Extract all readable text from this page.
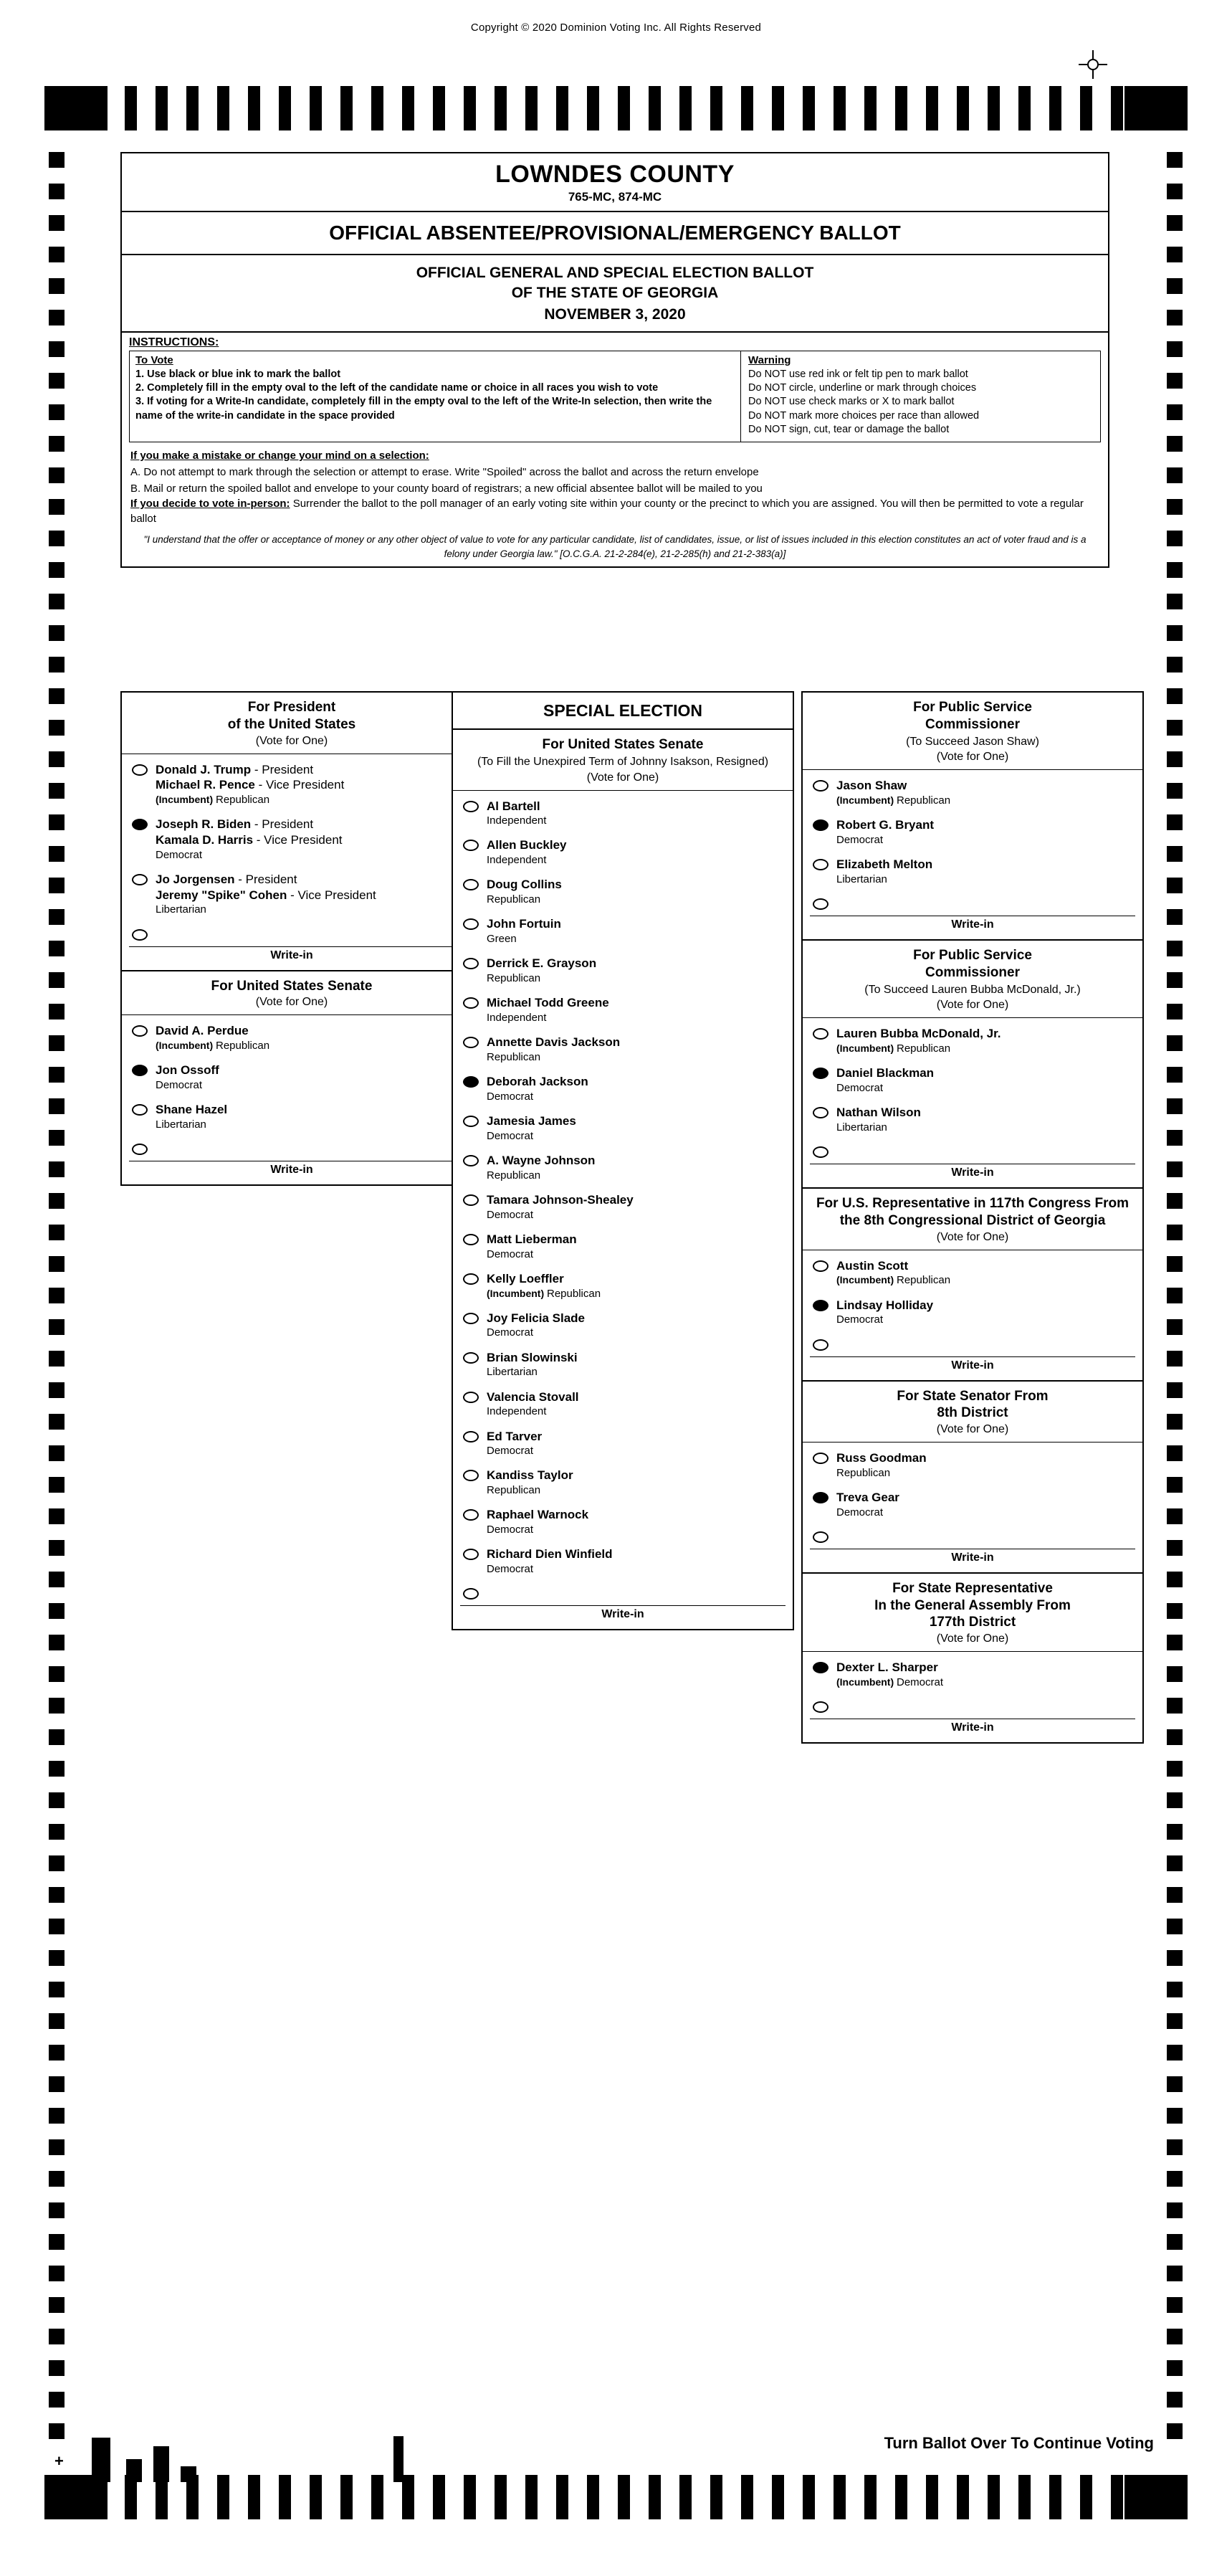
Copyright © 2020 Dominion Voting Inc. All Rights Reserved
+	s
Turn Ballot Over To Continue Voting
LOWNDES COUNTY
765-MC, 874-MC
OFFICIAL ABSENTEE/PROVISIONAL/EMERGENCY BALLOT
OFFICIAL GENERAL AND SPECIAL ELECTION BALLOT
OF THE STATE OF GEORGIA
NOVEMBER 3, 2020
INSTRUCTIONS:
To Vote
1. Use black or blue ink to mark the ballot
2. Completely fill in the empty oval to the left of the candidate name or choice in all races you wish to vote
3. If voting for a Write-In candidate, completely fill in the empty oval to the left of the Write-In selection, then write the name of the write-in candidate in the space provided
Warning
Do NOT use red ink or felt tip pen to mark ballot
Do NOT circle, underline or mark through choices
Do NOT use check marks or X to mark ballot
Do NOT mark more choices per race than allowed
Do NOT sign, cut, tear or damage the ballot
If you make a mistake or change your mind on a selection:
A. Do not attempt to mark through the selection or attempt to erase. Write "Spoiled" across the ballot and across the return envelope
B. Mail or return the spoiled ballot and envelope to your county board of registrars; a new official absentee ballot will be mailed to you
If you decide to vote in-person: Surrender the ballot to the poll manager of an early voting site within your county or the precinct to which you are assigned. You will then be permitted to vote a regular ballot
"I understand that the offer or acceptance of money or any other object of value to vote for any particular candidate, list of candidates, issue, or list of issues included in this election constitutes an act of voter fraud and is a felony under Georgia law." [O.C.G.A. 21-2-284(e), 21-2-285(h) and 21-2-383(a)]
For President
of the United States
(Vote for One)
Donald J. Trump - President
Michael R. Pence - Vice President
(Incumbent) Republican
Joseph R. Biden - President
Kamala D. Harris - Vice President
Democrat
Jo Jorgensen - President
Jeremy "Spike" Cohen - Vice President
Libertarian
Write-in
For United States Senate
(Vote for One)
David A. Perdue
(Incumbent) Republican
Jon Ossoff
Democrat
Shane Hazel
Libertarian
Write-in
SPECIAL ELECTION
For United States Senate
(To Fill the Unexpired Term of Johnny Isakson, Resigned)
(Vote for One)
Al Bartell
Independent
Allen Buckley
Independent
Doug Collins
Republican
John Fortuin
Green
Derrick E. Grayson
Republican
Michael Todd Greene
Independent
Annette Davis Jackson
Republican
Deborah Jackson
Democrat
Jamesia James
Democrat
A. Wayne Johnson
Republican
Tamara Johnson-Shealey
Democrat
Matt Lieberman
Democrat
Kelly Loeffler
(Incumbent) Republican
Joy Felicia Slade
Democrat
Brian Slowinski
Libertarian
Valencia Stovall
Independent
Ed Tarver
Democrat
Kandiss Taylor
Republican
Raphael Warnock
Democrat
Richard Dien Winfield
Democrat
Write-in
For Public Service
Commissioner
(To Succeed Jason Shaw)
(Vote for One)
Jason Shaw
(Incumbent) Republican
Robert G. Bryant
Democrat
Elizabeth Melton
Libertarian
Write-in
For Public Service
Commissioner
(To Succeed Lauren Bubba McDonald, Jr.)
(Vote for One)
Lauren Bubba McDonald, Jr.
(Incumbent) Republican
Daniel Blackman
Democrat
Nathan Wilson
Libertarian
Write-in
For U.S. Representative in 117th Congress From the 8th Congressional District of Georgia
(Vote for One)
Austin Scott
(Incumbent) Republican
Lindsay Holliday
Democrat
Write-in
For State Senator From
8th District
(Vote for One)
Russ Goodman
Republican
Treva Gear
Democrat
Write-in
For State Representative
In the General Assembly From
177th District
(Vote for One)
Dexter L. Sharper
(Incumbent) Democrat
Write-in
